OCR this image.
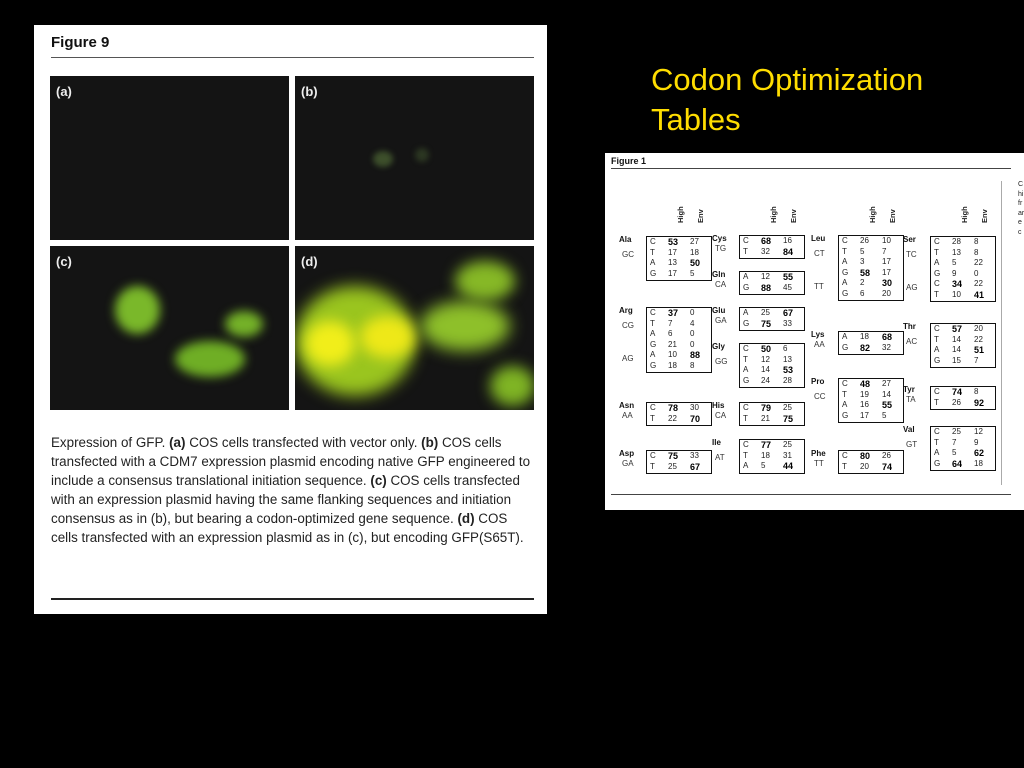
Codon Optimization
Tables
Figure 9
(a)	(b)
(c)	(d)
Expression of GFP. (a) COS cells transfected with vector only. (b) COS cells transfected with a CDM7 expression plasmid encoding native GFP engineered to include a consensus translational initiation sequence. (c) COS cells transfected with an expression plasmid having the same flanking sequences and initiation consensus as in (b), but bearing a codon-optimized gene sequence. (d) COS cells transfected with an expression plasmid as in (c), but encoding GFP(S65T).
Figure 1
C
hi
fr
ar
e
c
High Env
Ala
GC
C 53 27
T 17 18
A 13 50
G 17 5
Arg
CG
AG
C 37 0
T 7 4
A 6 0
G 21 0
A 10 88
G 18 8
Asn
AA
C 78 30
T 22 70
Asp
GA
C 75 33
T 25 67
High Env
Cys
TG
C 68 16
T 32 84
Gln
CA
A 12 55
G 88 45
Glu
GA
A 25 67
G 75 33
Gly
GG
C 50 6
T 12 13
A 14 53
G 24 28
His
CA
C 79 25
T 21 75
Ile
AT
C 77 25
T 18 31
A 5 44
High Env
Leu
CT
TT
C 26 10
T 5 7
A 3 17
G 58 17
A 2 30
G 6 20
Lys
AA
A 18 68
G 82 32
Pro
CC
C 48 27
T 19 14
A 16 55
G 17 5
Phe
TT
C 80 26
T 20 74
High Env
Ser
TC
AG
C 28 8
T 13 8
A 5 22
G 9 0
C 34 22
T 10 41
Thr
AC
C 57 20
T 14 22
A 14 51
G 15 7
Tyr
TA
C 74 8
T 26 92
Val
GT
C 25 12
T 7 9
A 5 62
G 64 18
